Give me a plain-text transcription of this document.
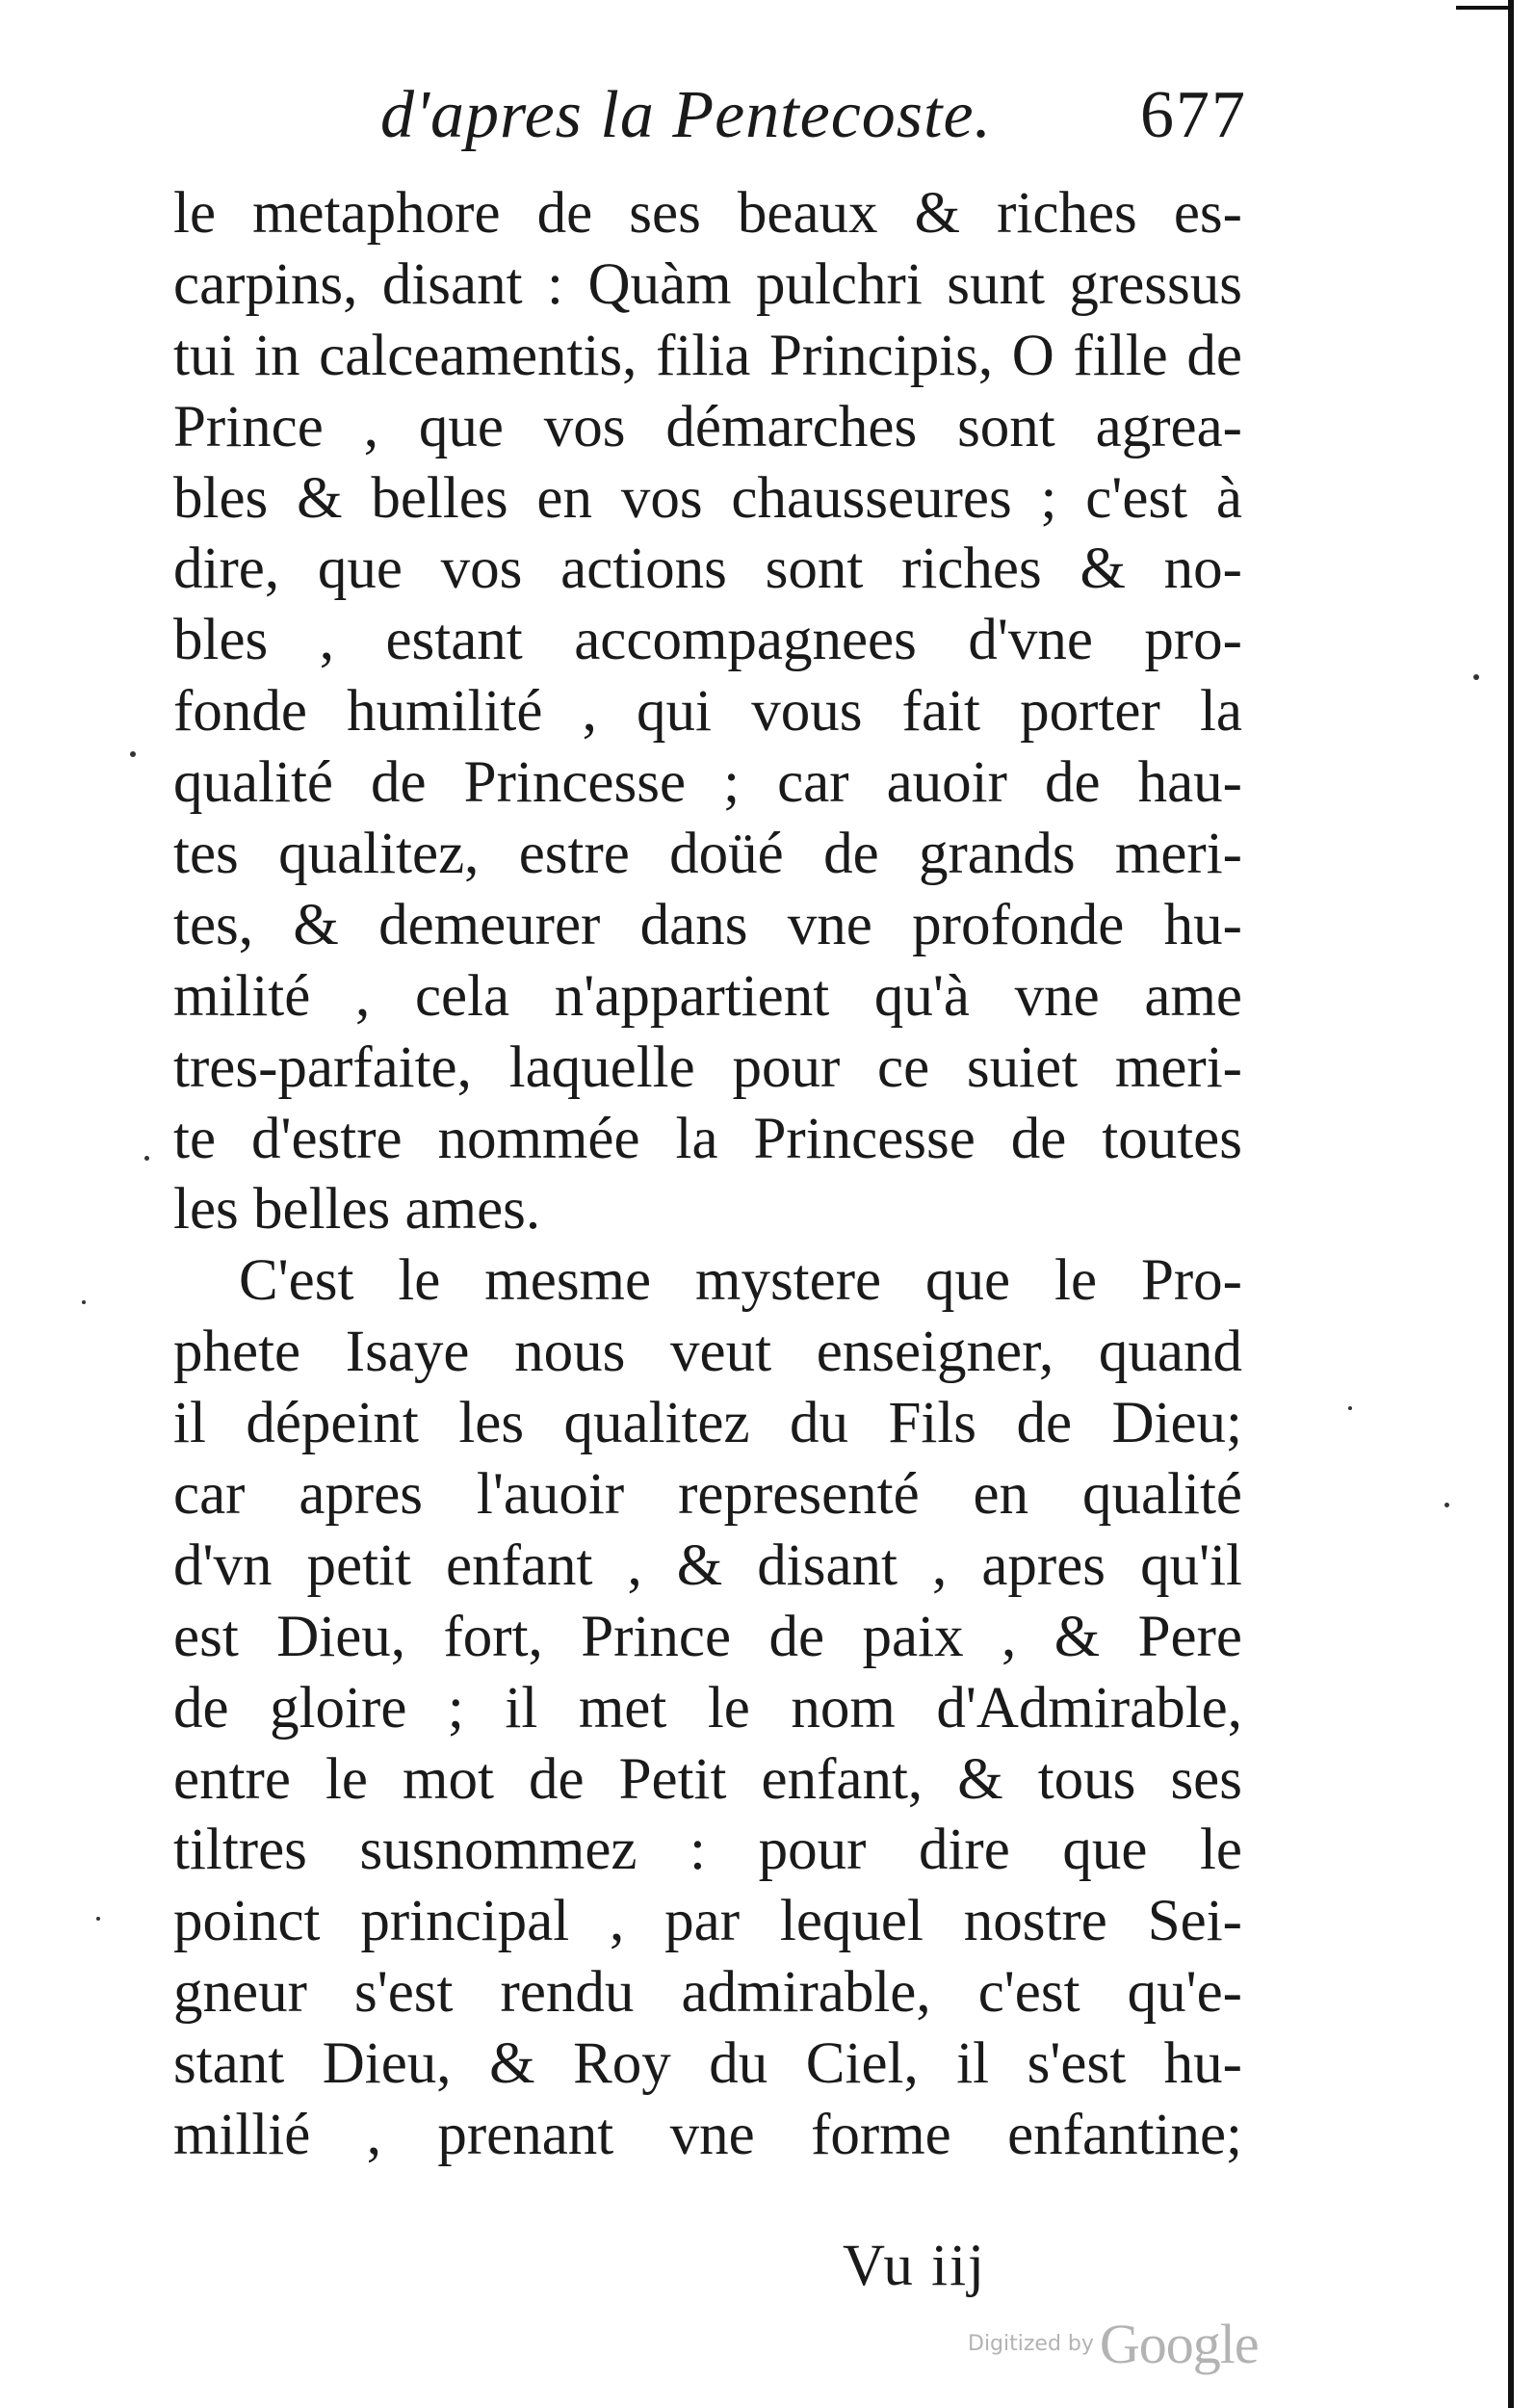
d'apres la Pentecoste. 677
le metaphore de ses beaux & riches es-
carpins, disant : Quàm pulchri sunt gressus
tui in calceamentis, filia Principis, O fille de
Prince , que vos démarches sont agrea-
bles & belles en vos chausseures ; c'est à
dire, que vos actions sont riches & no-
bles , estant accompagnees d'vne pro-
fonde humilité , qui vous fait porter la
qualité de Princesse ; car auoir de hau-
tes qualitez, estre doüé de grands meri-
tes, & demeurer dans vne profonde hu-
milité , cela n'appartient qu'à vne ame
tres-parfaite, laquelle pour ce suiet meri-
te d'estre nommée la Princesse de toutes
les belles ames.
C'est le mesme mystere que le Pro-
phete Isaye nous veut enseigner, quand
il dépeint les qualitez du Fils de Dieu;
car apres l'auoir representé en qualité
d'vn petit enfant , & disant , apres qu'il
est Dieu, fort, Prince de paix , & Pere
de gloire ; il met le nom d'Admirable,
entre le mot de Petit enfant, & tous ses
tiltres susnommez : pour dire que le
poinct principal , par lequel nostre Sei-
gneur s'est rendu admirable, c'est qu'e-
stant Dieu, & Roy du Ciel, il s'est hu-
millié , prenant vne forme enfantine;
Vu iij
Digitized by Google
